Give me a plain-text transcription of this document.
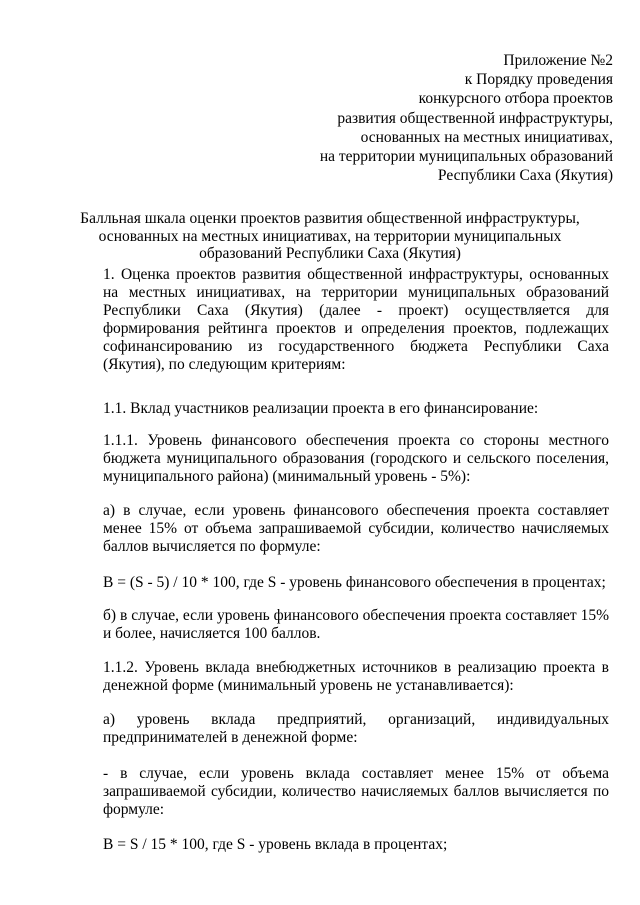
Приложение №2
к Порядку проведения
конкурсного отбора проектов
развития общественной инфраструктуры,
основанных на местных инициативах,
на территории муниципальных образований
Республики Саха (Якутия)
Балльная шкала оценки проектов развития общественной инфраструктуры, основанных на местных инициативах, на территории муниципальных образований Республики Саха (Якутия)

1. Оценка проектов развития общественной инфраструктуры, основанных на местных инициативах, на территории муниципальных образований Республики Саха (Якутия) (далее - проект) осуществляется для формирования рейтинга проектов и определения проектов, подлежащих софинансированию из государственного бюджета Республики Саха (Якутия), по следующим критериям:

1.1. Вклад участников реализации проекта в его финансирование:

1.1.1. Уровень финансового обеспечения проекта со стороны местного бюджета муниципального образования (городского и сельского поселения, муниципального района) (минимальный уровень - 5%):

а) в случае, если уровень финансового обеспечения проекта составляет менее 15% от объема запрашиваемой субсидии, количество начисляемых баллов вычисляется по формуле:

B = (S - 5) / 10 * 100, где S - уровень финансового обеспечения в процентах;

б) в случае, если уровень финансового обеспечения проекта составляет 15% и более, начисляется 100 баллов.

1.1.2. Уровень вклада внебюджетных источников в реализацию проекта в денежной форме (минимальный уровень не устанавливается):

а) уровень вклада предприятий, организаций, индивидуальных предпринимателей в денежной форме:

- в случае, если уровень вклада составляет менее 15% от объема запрашиваемой субсидии, количество начисляемых баллов вычисляется по формуле:

B = S / 15 * 100, где S - уровень вклада в процентах;
